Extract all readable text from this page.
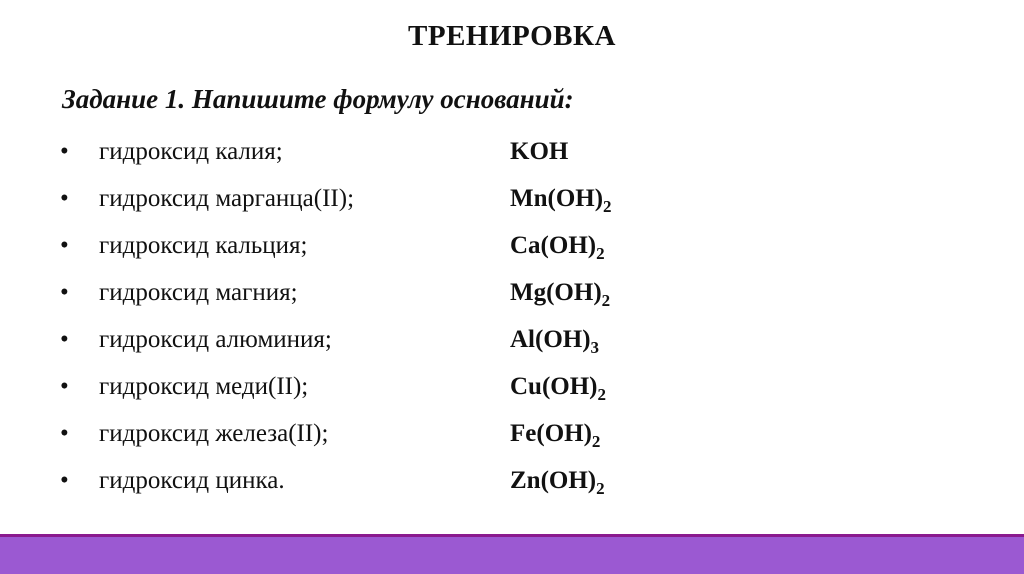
ТРЕНИРОВКА

Задание 1. Напишите формулу оснований:

• гидроксид калия;	KOH
• гидроксид марганца(II);	$Mn(OH)_2$
• гидроксид кальция;	$Ca(OH)_2$
• гидроксид магния;	$Mg(OH)_2$
• гидроксид алюминия;	$Al(OH)_3$
• гидроксид меди(II);	$Cu(OH)_2$
• гидроксид железа(II);	$Fe(OH)_2$
• гидроксид цинка.	$Zn(OH)_2$
